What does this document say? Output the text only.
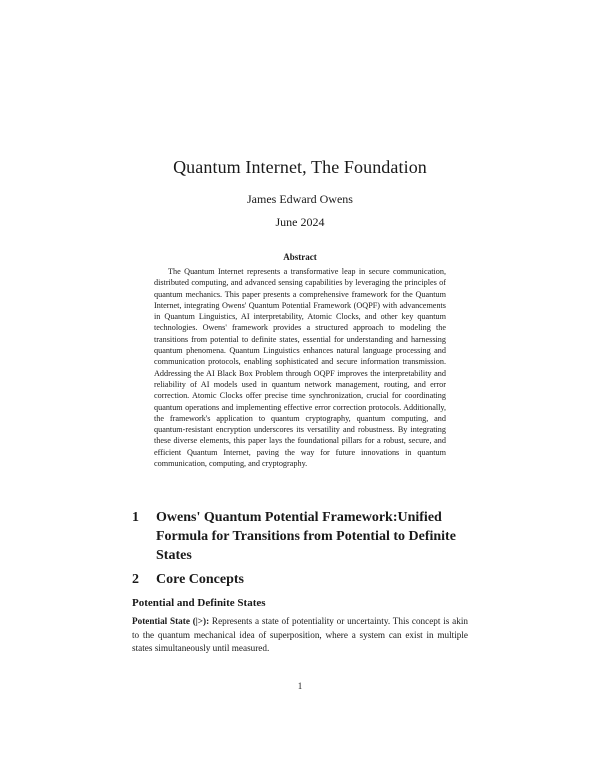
Quantum Internet, The Foundation
James Edward Owens
June 2024
Abstract
The Quantum Internet represents a transformative leap in secure communication, distributed computing, and advanced sensing capabilities by leveraging the principles of quantum mechanics. This paper presents a comprehensive framework for the Quantum Internet, integrating Owens' Quantum Potential Framework (OQPF) with advancements in Quantum Linguistics, AI interpretability, Atomic Clocks, and other key quantum technologies. Owens' framework provides a structured approach to modeling the transitions from potential to definite states, essential for understanding and harnessing quantum phenomena. Quantum Linguistics enhances natural language processing and communication protocols, enabling sophisticated and secure information transmission. Addressing the AI Black Box Problem through OQPF improves the interpretability and reliability of AI models used in quantum network management, routing, and error correction. Atomic Clocks offer precise time synchronization, crucial for coordinating quantum operations and implementing effective error correction protocols. Additionally, the framework's application to quantum cryptography, quantum computing, and quantum-resistant encryption underscores its versatility and robustness. By integrating these diverse elements, this paper lays the foundational pillars for a robust, secure, and efficient Quantum Internet, paving the way for future innovations in quantum communication, computing, and cryptography.
1	Owens' Quantum Potential Framework:Unified Formula for Transitions from Potential to Definite States
2	Core Concepts
Potential and Definite States
Potential State (|>): Represents a state of potentiality or uncertainty. This concept is akin to the quantum mechanical idea of superposition, where a system can exist in multiple states simultaneously until measured.
1
